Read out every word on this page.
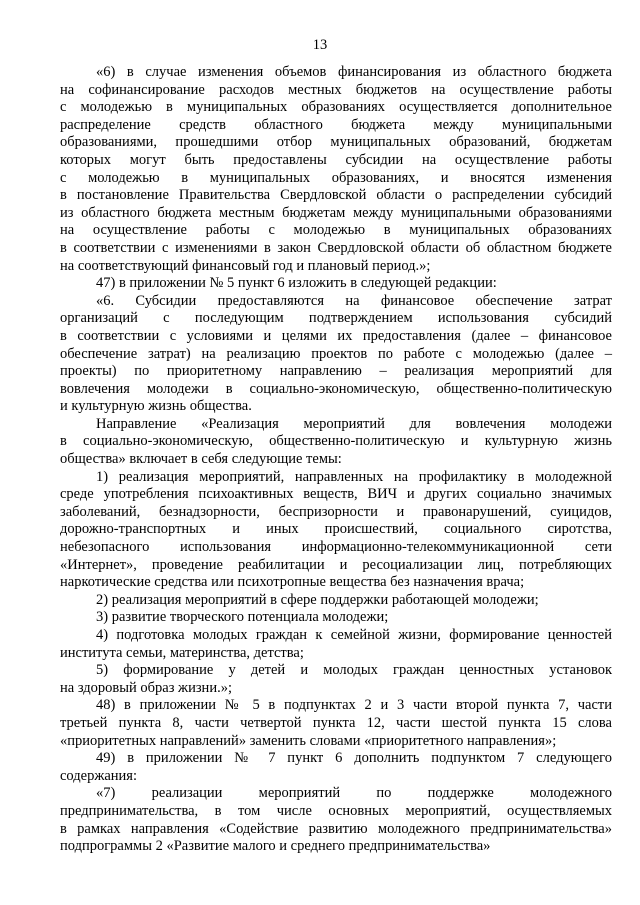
13
«6) в случае изменения объемов финансирования из областного бюджета
на софинансирование расходов местных бюджетов на осуществление работы
с молодежью в муниципальных образованиях осуществляется дополнительное
распределение средств областного бюджета между муниципальными
образованиями, прошедшими отбор муниципальных образований, бюджетам
которых могут быть предоставлены субсидии на осуществление работы
с молодежью в муниципальных образованиях, и вносятся изменения
в постановление Правительства Свердловской области о распределении субсидий
из областного бюджета местным бюджетам между муниципальными образованиями
на осуществление работы с молодежью в муниципальных образованиях
в соответствии с изменениями в закон Свердловской области об областном бюджете
на соответствующий финансовый год и плановый период.»;
47) в приложении № 5 пункт 6 изложить в следующей редакции:
«6. Субсидии предоставляются на финансовое обеспечение затрат
организаций с последующим подтверждением использования субсидий
в соответствии с условиями и целями их предоставления (далее – финансовое
обеспечение затрат) на реализацию проектов по работе с молодежью (далее –
проекты) по приоритетному направлению – реализация мероприятий для
вовлечения молодежи в социально-экономическую, общественно-политическую
и культурную жизнь общества.
Направление «Реализация мероприятий для вовлечения молодежи
в социально-экономическую, общественно-политическую и культурную жизнь
общества» включает в себя следующие темы:
1) реализация мероприятий, направленных на профилактику в молодежной
среде употребления психоактивных веществ, ВИЧ и других социально значимых
заболеваний, безнадзорности, беспризорности и правонарушений, суицидов,
дорожно-транспортных и иных происшествий, социального сиротства,
небезопасного использования информационно-телекоммуникационной сети
«Интернет», проведение реабилитации и ресоциализации лиц, потребляющих
наркотические средства или психотропные вещества без назначения врача;
2) реализация мероприятий в сфере поддержки работающей молодежи;
3) развитие творческого потенциала молодежи;
4) подготовка молодых граждан к семейной жизни, формирование ценностей
института семьи, материнства, детства;
5) формирование у детей и молодых граждан ценностных установок
на здоровый образ жизни.»;
48) в приложении № 5 в подпунктах 2 и 3 части второй пункта 7, части
третьей пункта 8, части четвертой пункта 12, части шестой пункта 15 слова
«приоритетных направлений» заменить словами «приоритетного направления»;
49) в приложении № 7 пункт 6 дополнить подпунктом 7 следующего
содержания:
«7) реализации мероприятий по поддержке молодежного
предпринимательства, в том числе основных мероприятий, осуществляемых
в рамках направления «Содействие развитию молодежного предпринимательства»
подпрограммы 2 «Развитие малого и среднего предпринимательства»
